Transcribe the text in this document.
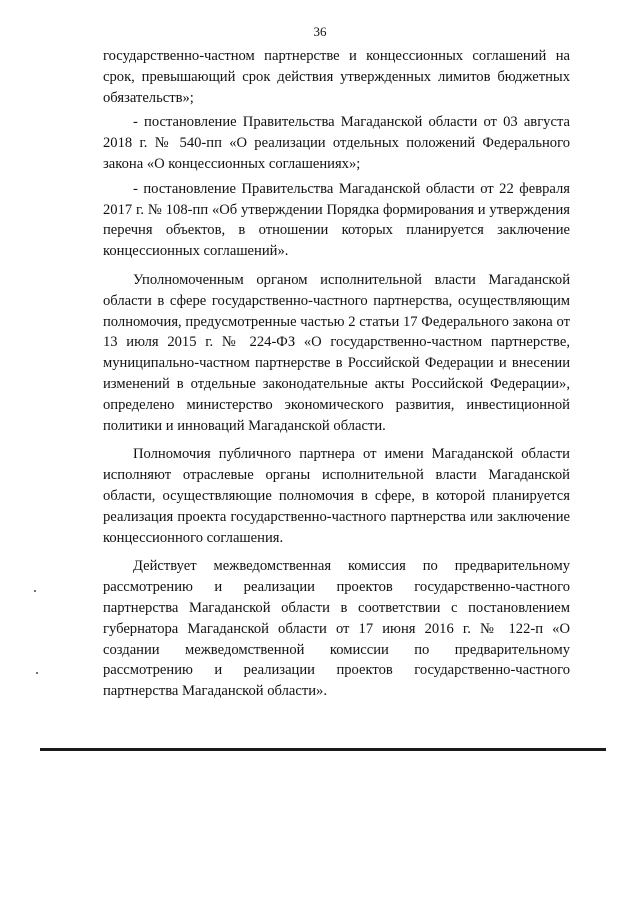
36

государственно-частном партнерстве и концессионных соглашений на срок, превышающий срок действия утвержденных лимитов бюджетных обязательств»;

- постановление Правительства Магаданской области от 03 августа 2018 г. № 540-пп «О реализации отдельных положений Федерального закона «О концессионных соглашениях»;

- постановление Правительства Магаданской области от 22 февраля 2017 г. № 108-пп «Об утверждении Порядка формирования и утверждения перечня объектов, в отношении которых планируется заключение концессионных соглашений».

Уполномоченным органом исполнительной власти Магаданской области в сфере государственно-частного партнерства, осуществляющим полномочия, предусмотренные частью 2 статьи 17 Федерального закона от 13 июля 2015 г. № 224-ФЗ «О государственно-частном партнерстве, муниципально-частном партнерстве в Российской Федерации и внесении изменений в отдельные законодательные акты Российской Федерации», определено министерство экономического развития, инвестиционной политики и инноваций Магаданской области.

Полномочия публичного партнера от имени Магаданской области исполняют отраслевые органы исполнительной власти Магаданской области, осуществляющие полномочия в сфере, в которой планируется реализация проекта государственно-частного партнерства или заключение концессионного соглашения.

Действует межведомственная комиссия по предварительному рассмотрению и реализации проектов государственно-частного партнерства Магаданской области в соответствии с постановлением губернатора Магаданской области от 17 июня 2016 г. № 122-п «О создании межведомственной комиссии по предварительному рассмотрению и реализации проектов государственно-частного партнерства Магаданской области».
